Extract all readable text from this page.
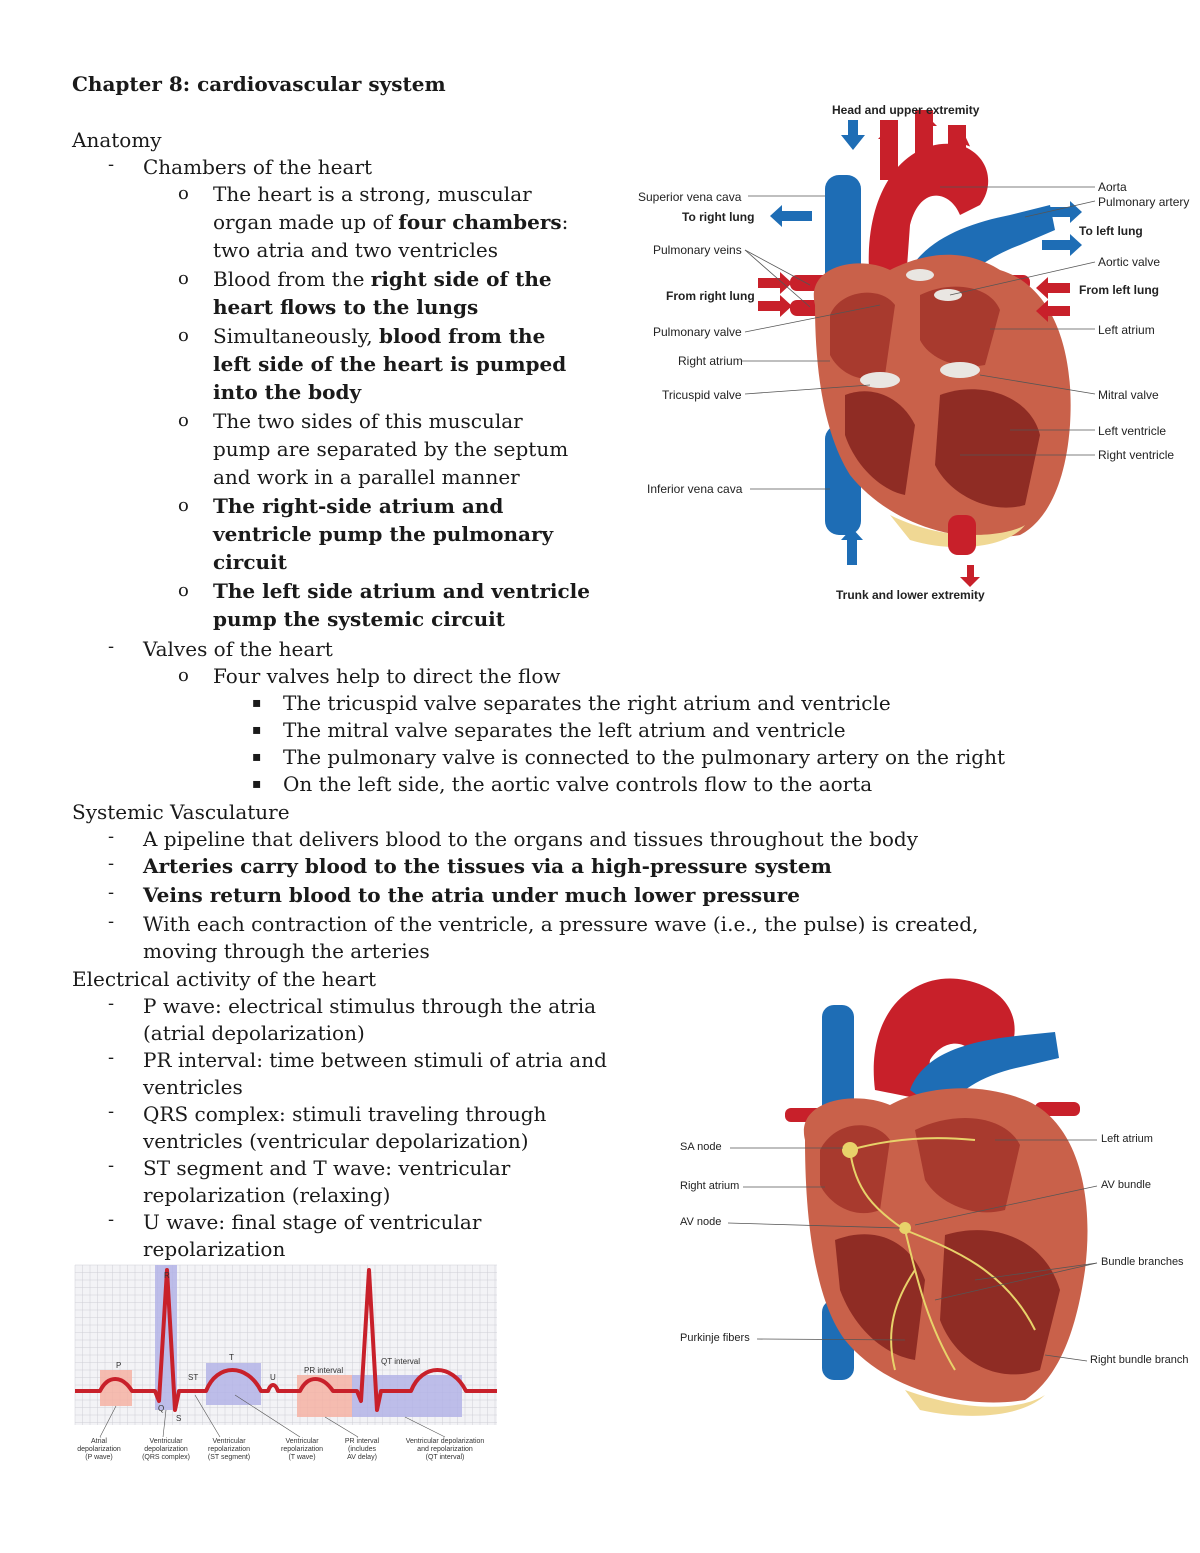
Chapter 8: cardiovascular system
Anatomy
- Chambers of the heart
o The heart is a strong, muscular
organ made up of four chambers:
two atria and two ventricles
o Blood from the right side of the
heart flows to the lungs
o Simultaneously, blood from the
left side of the heart is pumped
into the body
o The two sides of this muscular
pump are separated by the septum
and work in a parallel manner
o The right-side atrium and
ventricle pump the pulmonary
circuit
o The left side atrium and ventricle
pump the systemic circuit
- Valves of the heart
o Four valves help to direct the flow
▪ The tricuspid valve separates the right atrium and ventricle
▪ The mitral valve separates the left atrium and ventricle
▪ The pulmonary valve is connected to the pulmonary artery on the right
▪ On the left side, the aortic valve controls flow to the aorta
Systemic Vasculature
- A pipeline that delivers blood to the organs and tissues throughout the body
- Arteries carry blood to the tissues via a high-pressure system
- Veins return blood to the atria under much lower pressure
- With each contraction of the ventricle, a pressure wave (i.e., the pulse) is created,
moving through the arteries
Electrical activity of the heart
- P wave: electrical stimulus through the atria
(atrial depolarization)
- PR interval: time between stimuli of atria and
ventricles
- QRS complex: stimuli traveling through
ventricles (ventricular depolarization)
- ST segment and T wave: ventricular
repolarization (relaxing)
- U wave: final stage of ventricular
repolarization
Head and upper extremity
Trunk and lower extremity
Superior vena cava
To right lung
Pulmonary veins
From right lung
Pulmonary valve
Right atrium
Tricuspid valve
Inferior vena cava
Aorta
Pulmonary artery
To left lung
Aortic valve
From left lung
Left atrium
Mitral valve
Left ventricle
Right ventricle
SA node
Right atrium
AV node
Purkinje fibers
Left atrium
AV bundle
Bundle branches
Right bundle branch
P
R
Q
S
ST
T
U
PR interval
QT interval
Atrial
depolarization
(P wave)
Ventricular
depolarization
(QRS complex)
Ventricular
repolarization
(ST segment)
Ventricular
repolarization
(T wave)
PR interval
(includes
AV delay)
Ventricular depolarization
and repolarization
(QT interval)
